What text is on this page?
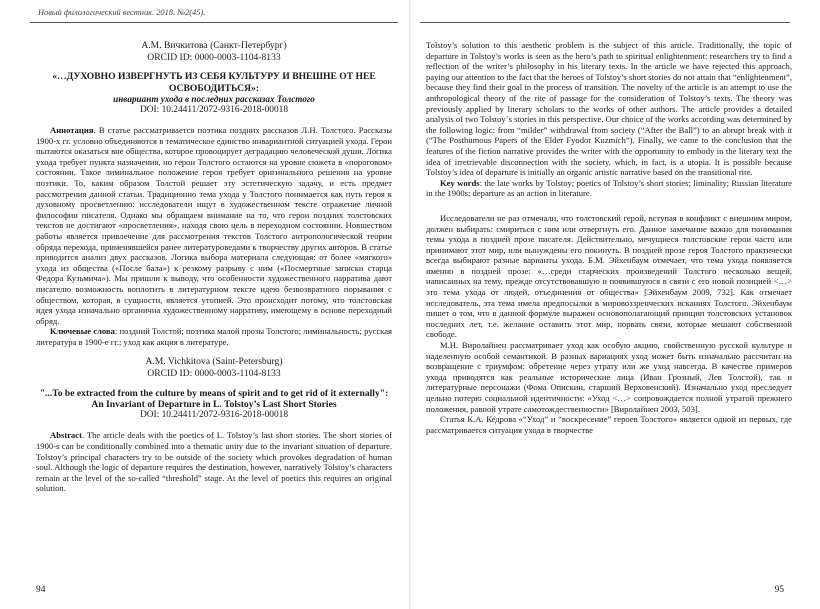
Новый филологический вестник. 2018. №2(45).
А.М. Вичкитова (Санкт-Петербург)
ORCID ID: 0000-0003-1104-8133
«…ДУХОВНО ИЗВЕРГНУТЬ ИЗ СЕБЯ КУЛЬТУРУ И ВНЕШНЕ ОТ НЕЕ ОСВОБОДИТЬСЯ»:
инвариант ухода в последних рассказах Толстого
DOI: 10.24411/2072-9316-2018-00018

Аннотация. В статье рассматривается поэтика поздних рассказов Л.Н. Толстого. Рассказы 1900-х гг. условно объединяются в тематическое единство инвариантной ситуацией ухода. Герои пытаются оказаться вне общества, которое провоцирует деградацию человеческой души. Логика ухода требует пункта назначения, но герои Толстого остаются на уровне сюжета в «пороговом» состоянии. Такое лиминальное положение героя требует оригинального решения на уровне поэтики. То, каким образом Толстой решает эту эстетическую задачу, и есть предмет рассмотрения данной статьи. Традиционно тема ухода у Толстого понимается как путь героя к духовному просветлению: исследователи ищут в художественном тексте отражение личной философии писателя. Однако мы обращаем внимание на то, что герои поздних толстовских текстов не достигают «просветления», находя свою цель в переходном состоянии. Новшеством работы является привлечение для рассмотрения текстов Толстого антропологической теории обряда перехода, применявшейся ранее литературоведами к творчеству других авторов. В статье приводится анализ двух рассказов. Логика выбора материала следующая: от более «мягкого» ухода из общества («После бала») к резкому разрыву с ним («Посмертные записки старца Федора Кузьмича»). Мы пришли к выводу, что особенности художественного нарратива дают писателю возможность воплотить в литературном тексте идею безвозвратного порывания с обществом, которая, в сущности, является утопией. Это происходит потому, что толстовская идея ухода изначально органична художественному нарративу, имеющему в основе переходный обряд.

Ключевые слова: поздний Толстой; поэтика малой прозы Толстого; лиминальность; русская литература в 1900-е гг.; уход как акция в литературе.

A.M. Vichkitova (Saint-Petersburg)
ORCID ID: 0000-0003-1104-8133
"...To be extracted from the culture by means of spirit and to get rid of it externally": An Invariant of Departure in L. Tolstoy’s Last Short Stories
DOI: 10.24411/2072-9316-2018-00018

Abstract. The article deals with the poetics of L. Tolstoy’s last short stories. The short stories of 1900-s can be conditionally combined into a thematic unity due to the invariant situation of departure. Tolstoy’s principal characters try to be outside of the society which provokes degradation of human soul. Although the logic of departure requires the destination, however, narratively Tolstoy’s characters remain at the level of the so-called “threshold” stage. At the level of poetics this requires an original solution.

94

Tolstoy’s solution to this aesthetic problem is the subject of this article. Traditionally, the topic of departure in Tolstoy’s works is seen as the hero’s path to spiritual enlightenment: researchers try to find a reflection of the writer’s philosophy in his literary texts. In the article we have rejected this approach, paying our attention to the fact that the heroes of Tolstoy’s short stories do not attain that “enlightenment”, because they find their goal in the process of transition. The novelty of the article is an attempt to use the anthropological theory of the rite of passage for the consideration of Tolstoy’s texts. The theory was previously applied by literary scholars to the works of other authors. The article provides a detailed analysis of two Tolstoy`s stories in this perspective. Our choice of the works according was determined by the following logic: from “milder” withdrawal from society (“After the Ball”) to an abrupt break with it (“The Posthumous Papers of the Elder Fyodor Kuzmich”). Finally, we came to the conclusion that the features of the fiction narrative provides the writer with the opportunity to embody in the literary text the idea of irretrievable disconnection with the society, which, in fact, is a utopia. It is possible because Tolstoy’s idea of departure is initially an organic artistic narrative based on the transitional rite.

Key words: the late works by Tolstoy; poetics of Tolstoy’s short stories; liminality; Russian literature in the 1900s; departure as an action in literature.

Исследователи не раз отмечали, что толстовский герой, вступая в конфликт с внешним миром, должен выбирать: смириться с ним или отвергнуть его. Данное замечание важно для понимания темы ухода в поздней прозе писателя. Действительно, мечущиеся толстовские герои часто или принимают этот мир, или вынуждены его покинуть. В поздней прозе героя Толстого практически всегда выбирают разные варианты ухода. Б.М. Эйхенбаум отмечает, что тема ухода появляется именно в поздней прозе: «…среди старческих произведений Толстого несколько вещей, написанных на тему, прежде отсутствовавшую и появившуюся в связи с его новой позицией <…> это тема ухода от людей, отъединения от общества» [Эйхенбаум 2009, 732]. Как отмечает исследователь, эта тема имела предпосылки в мировоззренческих исканиях Толстого. Эйхенбаум пишет о том, что в данной формуле выражен основополагающий принцип толстовских установок последних лет, т.е. желание оставить этот мир, порвать связи, которые мешают собственной свободе.

М.Н. Виролайнен рассматривает уход как особую акцию, свойственную русской культуре и наделенную особой семантикой. В разных вариациях уход может быть изначально рассчитан на возвращение с триумфом: обретение через утрату или же уход навсегда. В качестве примеров ухода приводятся как реальные исторические лица (Иван Грозный, Лев Толстой), так и литературные персонажи (Фома Опискин, старший Верховенский). Изначально уход преследует цельно потерю социальной идентичности: «Уход <…> сопровождается полной утратой прежнего положения, равной утрате самотождественности» [Виролайнен 2003, 503].

Статья К.А. Кедрова «“Уход” и “воскресение” героев Толстого» является одной из первых, где рассматривается ситуация ухода в творчестве

95
